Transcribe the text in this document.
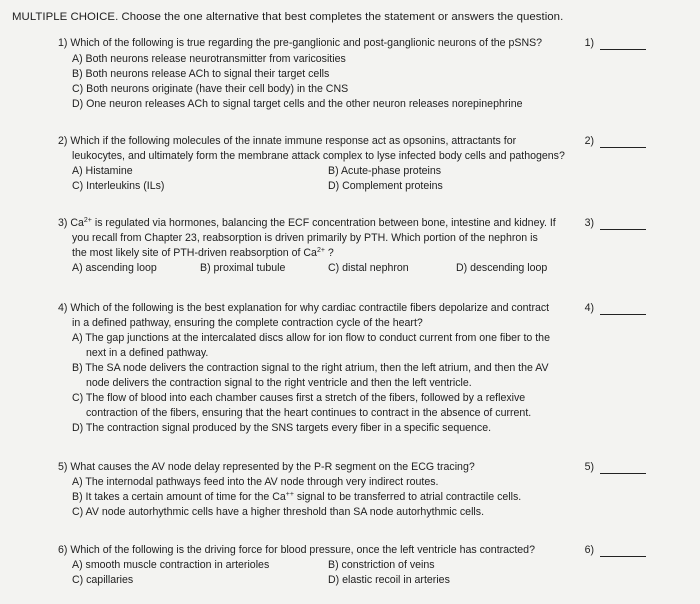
MULTIPLE CHOICE. Choose the one alternative that best completes the statement or answers the question.
1) Which of the following is true regarding the pre-ganglionic and post-ganglionic neurons of the pSNS?
A) Both neurons release neurotransmitter from varicosities
B) Both neurons release ACh to signal their target cells
C) Both neurons originate (have their cell body) in the CNS
D) One neuron releases ACh to signal target cells and the other neuron releases norepinephrine
1)
2) Which if the following molecules of the innate immune response act as opsonins, attractants for
leukocytes, and ultimately form the membrane attack complex to lyse infected body cells and pathogens?
A) Histamine	B) Acute-phase proteins
C) Interleukins (ILs)	D) Complement proteins
2)
3) $Ca^{2+}$ is regulated via hormones, balancing the ECF concentration between bone, intestine and kidney. If
you recall from Chapter 23, reabsorption is driven primarily by PTH. Which portion of the nephron is
the most likely site of PTH-driven reabsorption of $Ca^{2+}$ ?
A) ascending loop	B) proximal tubule	C) distal nephron	D) descending loop
3)
4) Which of the following is the best explanation for why cardiac contractile fibers depolarize and contract
in a defined pathway, ensuring the complete contraction cycle of the heart?
A) The gap junctions at the intercalated discs allow for ion flow to conduct current from one fiber to the next in a defined pathway.
B) The SA node delivers the contraction signal to the right atrium, then the left atrium, and then the AV node delivers the contraction signal to the right ventricle and then the left ventricle.
C) The flow of blood into each chamber causes first a stretch of the fibers, followed by a reflexive contraction of the fibers, ensuring that the heart continues to contract in the absence of current.
D) The contraction signal produced by the SNS targets every fiber in a specific sequence.
4)
5) What causes the AV node delay represented by the P-R segment on the ECG tracing?
A) The internodal pathways feed into the AV node through very indirect routes.
B) It takes a certain amount of time for the Ca++ signal to be transferred to atrial contractile cells.
C) AV node autorhythmic cells have a higher threshold than SA node autorhythmic cells.
5)
6) Which of the following is the driving force for blood pressure, once the left ventricle has contracted?
A) smooth muscle contraction in arterioles	B) constriction of veins
C) capillaries	D) elastic recoil in arteries
6)
